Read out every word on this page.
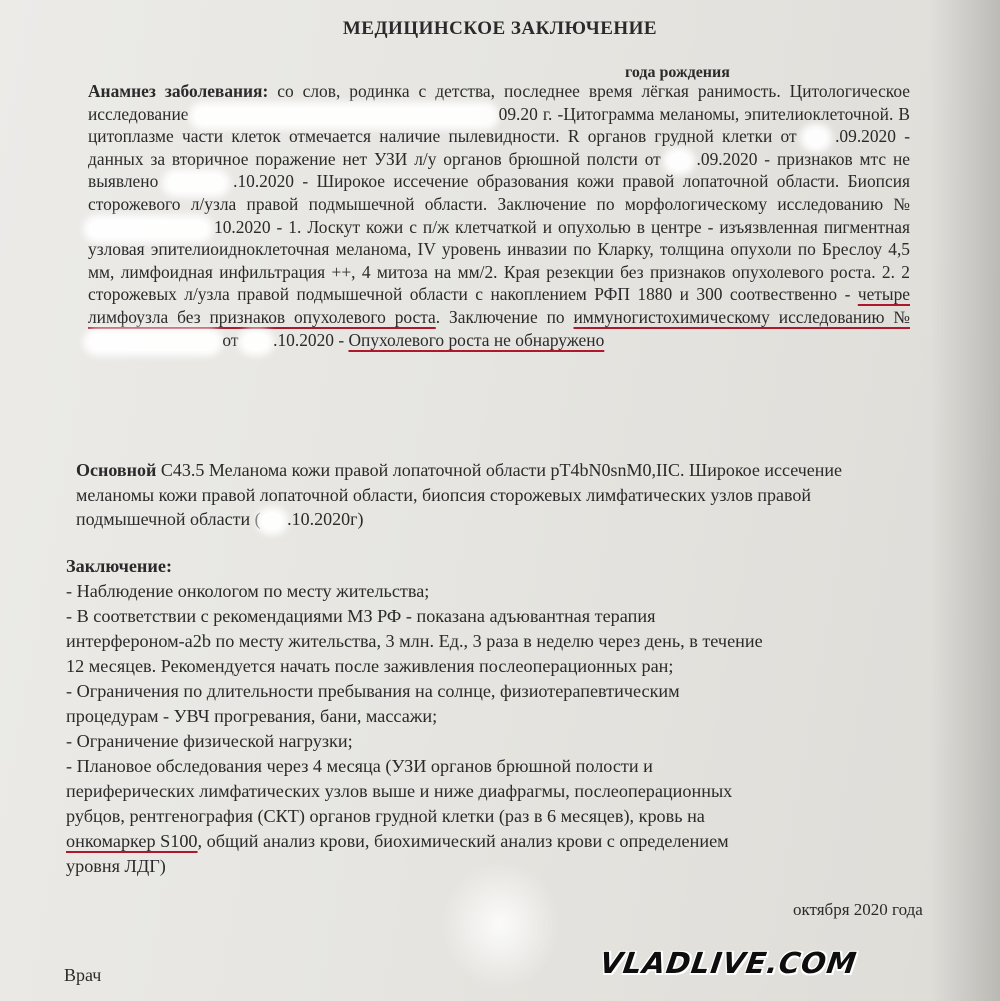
МЕДИЦИНСКОЕ ЗАКЛЮЧЕНИЕ
года рождения
Анамнез заболевания: со слов, родинка с детства, последнее время лёгкая ранимость. Цитологическое исследование	09.20 г. -Цитограмма меланомы, эпителиоклеточной. В цитоплазме части клеток отмечается наличие пылевидности. R органов грудной клетки от  .09.2020 - данных за вторичное поражение нет УЗИ л/у органов брюшной полсти от  .09.2020 - признаков мтс не выявлено	.10.2020 - Широкое иссечение образования кожи правой лопаточной области. Биопсия сторожевого л/узла правой подмышечной области. Заключение по морфологическому исследованию №  10.2020 - 1. Лоскут кожи с п/ж клетчаткой и опухолью в центре - изъязвленная пигментная узловая эпителиоидноклеточная меланома, IV уровень инвазии по Кларку, толщина опухоли по Бреслоу 4,5 мм, лимфоидная инфильтрация ++, 4 митоза на мм/2. Края резекции без признаков опухолевого роста. 2. 2 сторожевых л/узла правой подмышечной области с накоплением РФП 1880 и 300 соотвественно - четыре лимфоузла без признаков опухолевого роста. Заключение по иммуногистохимическому исследованию № от  .10.2020 - Опухолевого роста не обнаружено
Основной С43.5 Меланома кожи правой лопаточной области pT4bN0snM0,IIC. Широкое иссечение меланомы кожи правой лопаточной области, биопсия сторожевых лимфатических узлов правой подмышечной области ( .10.2020г)
Заключение:
- Наблюдение онкологом по месту жительства;
- В соответствии с рекомендациями МЗ РФ - показана адъювантная терапия
интерфероном-a2b по месту жительства, 3 млн. Ед., 3 раза в неделю через день, в течение
12 месяцев. Рекомендуется начать после заживления послеоперационных ран;
- Ограничения по длительности пребывания на солнце, физиотерапевтическим
процедурам - УВЧ прогревания, бани, массажи;
- Ограничение физической нагрузки;
- Плановое обследования через 4 месяца (УЗИ органов брюшной полости и
периферических лимфатических узлов выше и ниже диафрагмы, послеоперационных
рубцов, рентгенография (СКТ) органов грудной клетки (раз в 6 месяцев), кровь на
онкомаркер S100, общий анализ крови, биохимический анализ крови с определением
уровня ЛДГ)
октября 2020 года
Врач	VLADLIVE.COM
